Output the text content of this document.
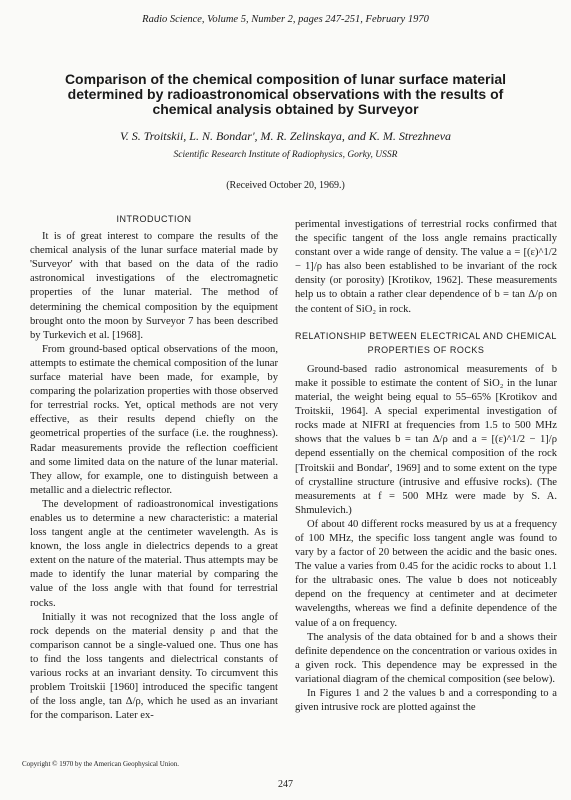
Radio Science, Volume 5, Number 2, pages 247-251, February 1970
Comparison of the chemical composition of lunar surface material determined by radioastronomical observations with the results of chemical analysis obtained by Surveyor
V. S. Troitskii, L. N. Bondar', M. R. Zelinskaya, and K. M. Strezhneva
Scientific Research Institute of Radiophysics, Gorky, USSR
(Received October 20, 1969.)
INTRODUCTION

It is of great interest to compare the results of the chemical analysis of the lunar surface material made by 'Surveyor' with that based on the data of the radio astronomical investigations of the electromagnetic properties of the lunar material. The method of determining the chemical composition by the equipment brought onto the moon by Surveyor 7 has been described by Turkevich et al. [1968].

From ground-based optical observations of the moon, attempts to estimate the chemical composition of the lunar surface material have been made, for example, by comparing the polarization properties with those observed for terrestrial rocks. Yet, optical methods are not very effective, as their results depend chiefly on the geometrical properties of the surface (i.e. the roughness). Radar measurements provide the reflection coefficient and some limited data on the nature of the lunar material. They allow, for example, one to distinguish between a metallic and a dielectric reflector.

The development of radioastronomical investigations enables us to determine a new characteristic: a material loss tangent angle at the centimeter wavelength. As is known, the loss angle in dielectrics depends to a great extent on the nature of the material. Thus attempts may be made to identify the lunar material by comparing the value of the loss angle with that found for terrestrial rocks.

Initially it was not recognized that the loss angle of rock depends on the material density ρ and that the comparison cannot be a single-valued one. Thus one has to find the loss tangents and dielectrical constants of various rocks at an invariant density. To circumvent this problem Troitskii [1960] introduced the specific tangent of the loss angle, tan Δ/ρ, which he used as an invariant for the comparison. Later ex-

perimental investigations of terrestrial rocks confirmed that the specific tangent of the loss angle remains practically constant over a wide range of density. The value a = [(ε)^1/2 − 1]/ρ has also been established to be invariant of the rock density (or porosity) [Krotikov, 1962]. These measurements help us to obtain a rather clear dependence of b = tan Δ/ρ on the content of SiO₂ in rock.

RELATIONSHIP BETWEEN ELECTRICAL AND CHEMICAL PROPERTIES OF ROCKS

Ground-based radio astronomical measurements of b make it possible to estimate the content of SiO₂ in the lunar material, the weight being equal to 55–65% [Krotikov and Troitskii, 1964]. A special experimental investigation of rocks made at NIFRI at frequencies from 1.5 to 500 MHz shows that the values b = tan Δ/ρ and a = [(ε)^1/2 − 1]/ρ depend essentially on the chemical composition of the rock [Troitskii and Bondar', 1969] and to some extent on the type of crystalline structure (intrusive and effusive rocks). (The measurements at f = 500 MHz were made by S. A. Shmulevich.)

Of about 40 different rocks measured by us at a frequency of 100 MHz, the specific loss tangent angle was found to vary by a factor of 20 between the acidic and the basic ones. The value a varies from 0.45 for the acidic rocks to about 1.1 for the ultrabasic ones. The value b does not noticeably depend on the frequency at centimeter and at decimeter wavelengths, whereas we find a definite dependence of the value of a on frequency.

The analysis of the data obtained for b and a shows their definite dependence on the concentration or various oxides in a given rock. This dependence may be expressed in the variational diagram of the chemical composition (see below).

In Figures 1 and 2 the values b and a corresponding to a given intrusive rock are plotted against the

Copyright © 1970 by the American Geophysical Union.
247
